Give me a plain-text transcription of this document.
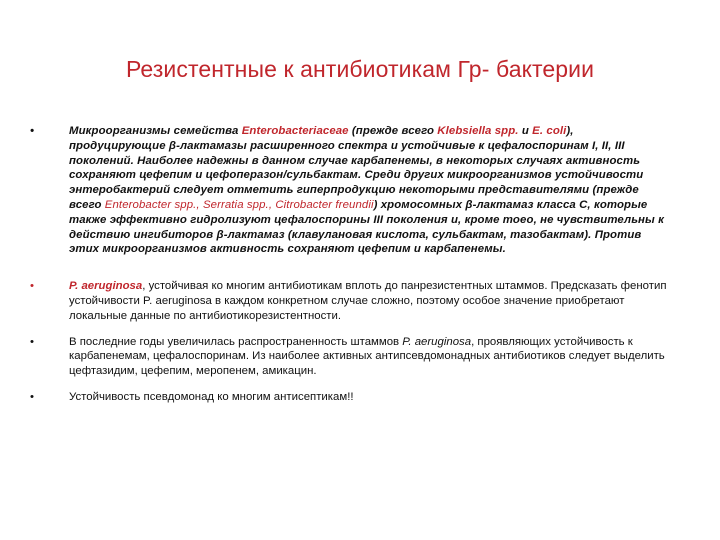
Резистентные к антибиотикам Гр- бактерии
•	Микроорганизмы семейства Enterobacteriaceae (прежде всего Klebsiella spp. и E. coli), продуцирующие β-лактамазы расширенного спектра и устойчивые к цефалоспоринам I, II, III поколений. Наиболее надежны в данном случае карбапенемы, в некоторых случаях активность сохраняют цефепим и цефоперазон/сульбактам. Среди других микроорганизмов устойчивости энтеробактерий следует отметить гиперпродукцию некоторыми представителями (прежде всего Enterobacter spp., Serratia spp., Citrobacter freundii) хромосомных β-лактамаз класса С, которые также эффективно гидролизуют цефалоспорины III поколения и, кроме тоео, не чувствительны к действию ингибиторов β-лактамаз (клавулановая кислота, сульбактам, тазобактам). Против этих микроорганизмов активность сохраняют цефепим и карбапенемы.
•	P. aeruginosa, устойчивая ко многим антибиотикам вплоть до панрезистентных штаммов. Предсказать фенотип устойчивости P. aeruginosa в каждом конкретном случае сложно, поэтому особое значение приобретают локальные данные по антибиотикорезистентности.
•	В последние годы увеличилась распространенность штаммов P. aeruginosa, проявляющих устойчивость к карбапенемам, цефалоспоринам. Из наиболее активных антипсевдомонадных антибиотиков следует выделить цефтазидим, цефепим, меропенем, амикацин.
•	Устойчивость псевдомонад ко многим антисептикам!!
